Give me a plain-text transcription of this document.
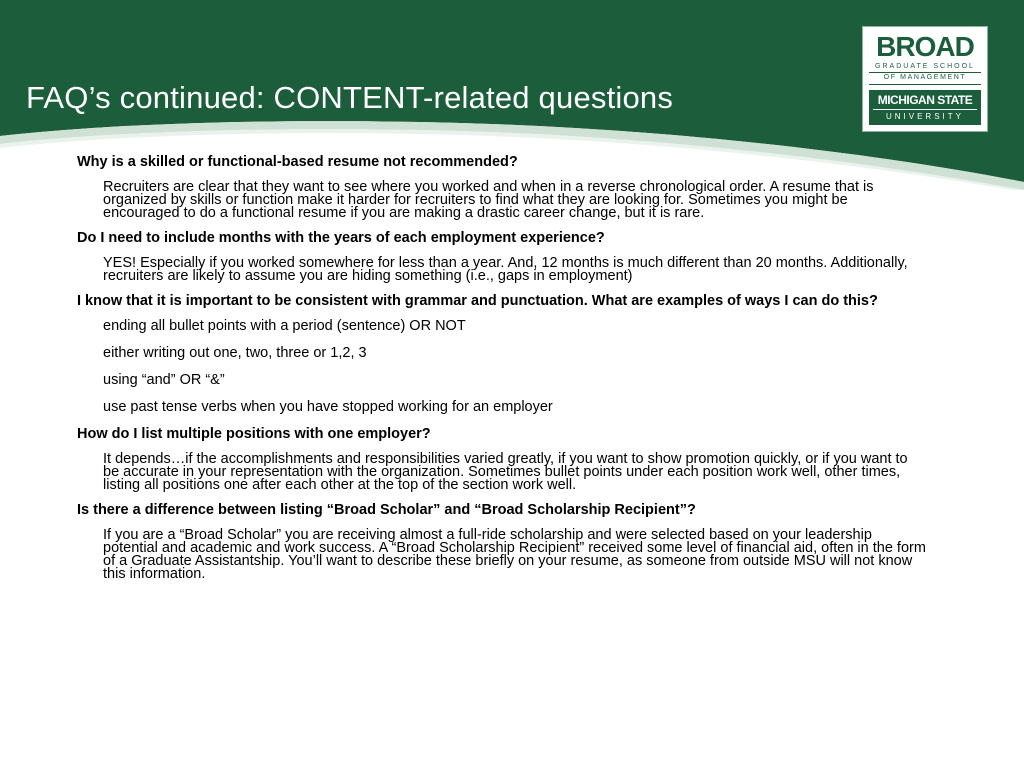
FAQ’s continued: CONTENT-related questions
BROAD
GRADUATE SCHOOL
OF MANAGEMENT
MICHIGAN STATE
UNIVERSITY

Why is a skilled or functional-based resume not recommended?

Recruiters are clear that they want to see where you worked and when in a reverse chronological order. A resume that is organized by skills or function make it harder for recruiters to find what they are looking for. Sometimes you might be encouraged to do a functional resume if you are making a drastic career change, but it is rare.

Do I need to include months with the years of each employment experience?

YES! Especially if you worked somewhere for less than a year. And, 12 months is much different than 20 months. Additionally, recruiters are likely to assume you are hiding something (i.e., gaps in employment)

I know that it is important to be consistent with grammar and punctuation. What are examples of ways I can do this?

ending all bullet points with a period (sentence) OR NOT

either writing out one, two, three or 1,2, 3

using “and” OR “&”

use past tense verbs when you have stopped working for an employer

How do I list multiple positions with one employer?

It depends…if the accomplishments and responsibilities varied greatly, if you want to show promotion quickly, or if you want to be accurate in your representation with the organization. Sometimes bullet points under each position work well, other times, listing all positions one after each other at the top of the section work well.

Is there a difference between listing “Broad Scholar” and “Broad Scholarship Recipient”?

If you are a “Broad Scholar” you are receiving almost a full-ride scholarship and were selected based on your leadership potential and academic and work success. A “Broad Scholarship Recipient” received some level of financial aid, often in the form of a Graduate Assistantship. You’ll want to describe these briefly on your resume, as someone from outside MSU will not know this information.
